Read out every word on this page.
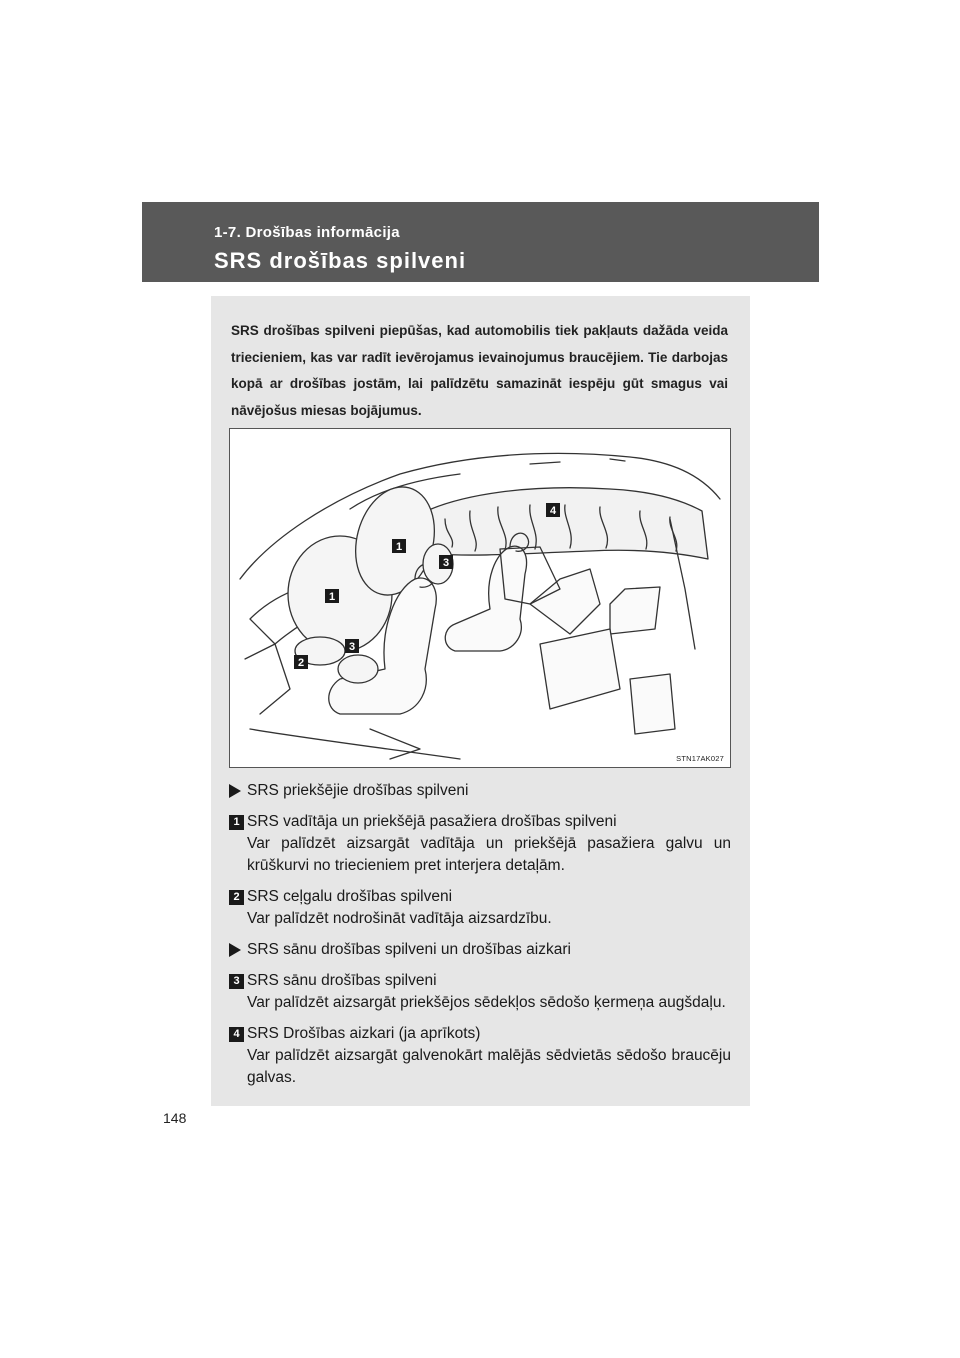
1-7. Drošības informācija
SRS drošības spilveni
SRS drošības spilveni piepūšas, kad automobilis tiek pakļauts dažāda veida triecieniem, kas var radīt ievērojamus ievainojumus braucējiem. Tie darbojas kopā ar drošības jostām, lai palīdzētu samazināt iespēju gūt smagus vai nāvējošus miesas bojājumus.
1
1
2
3
3
4
STN17AK027
SRS priekšējie drošības spilveni
1 SRS vadītāja un priekšējā pasažiera drošības spilveni
Var palīdzēt aizsargāt vadītāja un priekšējā pasažiera galvu un krūškurvi no triecieniem pret interjera detaļām.
2 SRS ceļgalu drošības spilveni
Var palīdzēt nodrošināt vadītāja aizsardzību.
SRS sānu drošības spilveni un drošības aizkari
3 SRS sānu drošības spilveni
Var palīdzēt aizsargāt priekšējos sēdekļos sēdošo ķermeņa augšdaļu.
4 SRS Drošības aizkari (ja aprīkots)
Var palīdzēt aizsargāt galvenokārt malējās sēdvietās sēdošo braucēju galvas.
148
